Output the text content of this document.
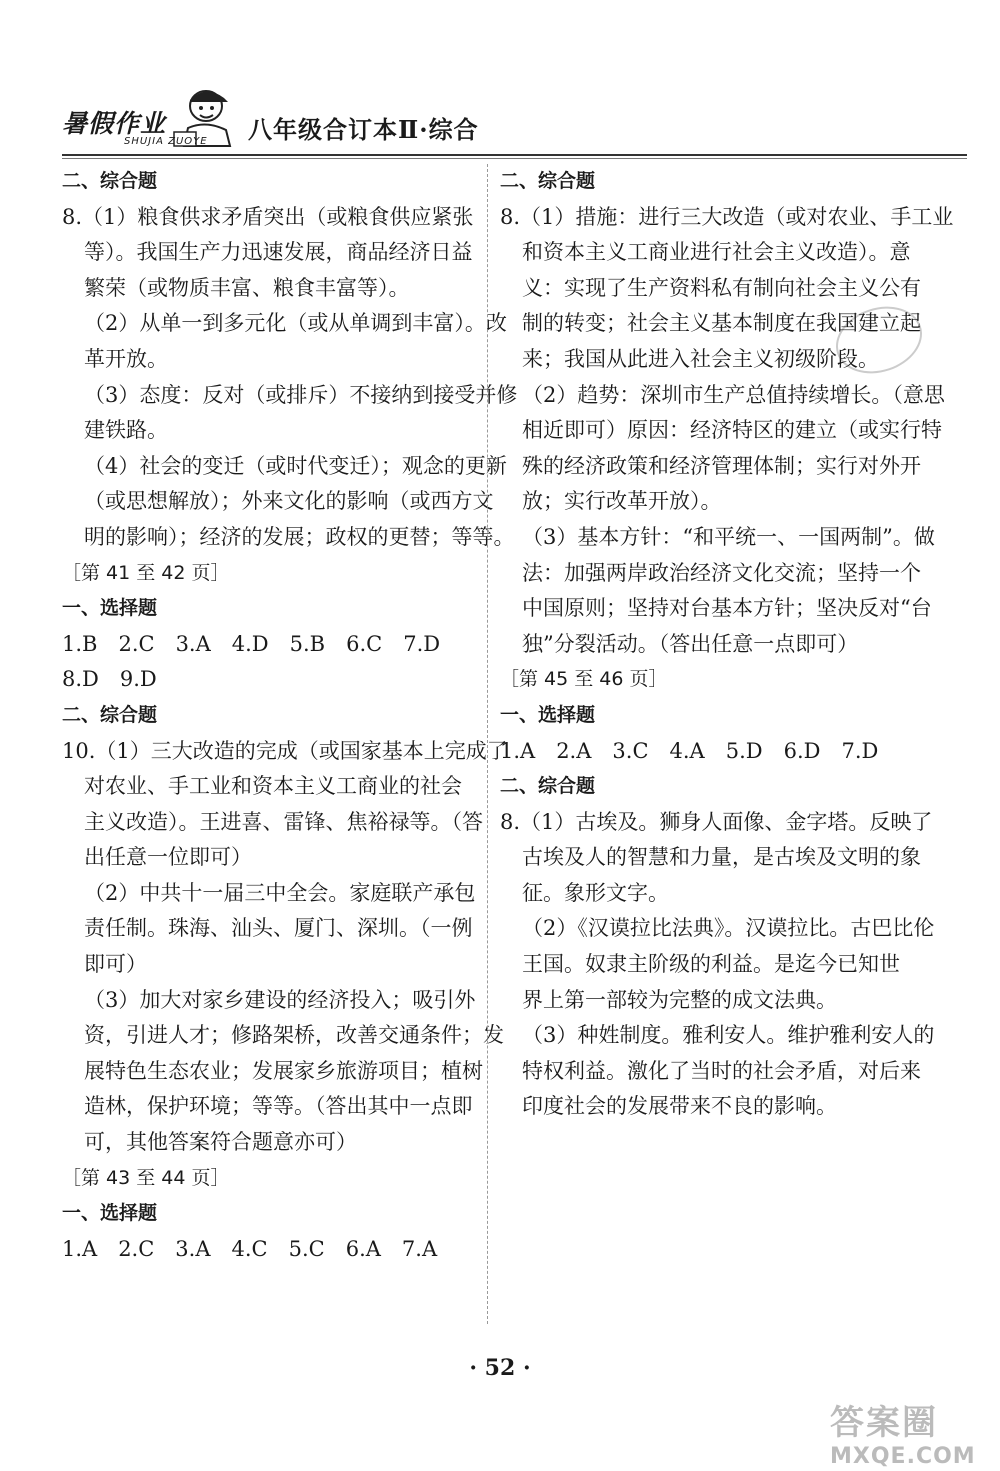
暑假作业
SHUJIA ZUOYE 八年级合订本Ⅱ·综合
二、综合题
8.（1）粮食供求矛盾突出（或粮食供应紧张
等）。我国生产力迅速发展，商品经济日益
繁荣（或物质丰富、粮食丰富等）。
（2）从单一到多元化（或从单调到丰富）。改
革开放。
（3）态度：反对（或排斥）不接纳到接受并修
建铁路。
（4）社会的变迁（或时代变迁）；观念的更新
（或思想解放）；外来文化的影响（或西方文
明的影响）；经济的发展；政权的更替；等等。
［第 41 至 42 页］
一、选择题
1.B　2.C　3.A　4.D　5.B　6.C　7.D
8.D　9.D
二、综合题
10.（1）三大改造的完成（或国家基本上完成了
对农业、手工业和资本主义工商业的社会
主义改造）。王进喜、雷锋、焦裕禄等。（答
出任意一位即可）
（2）中共十一届三中全会。家庭联产承包
责任制。珠海、汕头、厦门、深圳。（一例
即可）
（3）加大对家乡建设的经济投入；吸引外
资，引进人才；修路架桥，改善交通条件；发
展特色生态农业；发展家乡旅游项目；植树
造林，保护环境；等等。（答出其中一点即
可，其他答案符合题意亦可）
［第 43 至 44 页］
一、选择题
1.A　2.C　3.A　4.C　5.C　6.A　7.A
二、综合题
8.（1）措施：进行三大改造（或对农业、手工业
和资本主义工商业进行社会主义改造）。意
义：实现了生产资料私有制向社会主义公有
制的转变；社会主义基本制度在我国建立起
来；我国从此进入社会主义初级阶段。
（2）趋势：深圳市生产总值持续增长。（意思
相近即可）原因：经济特区的建立（或实行特
殊的经济政策和经济管理体制；实行对外开
放；实行改革开放）。
（3）基本方针：“和平统一、一国两制”。做
法：加强两岸政治经济文化交流；坚持一个
中国原则；坚持对台基本方针；坚决反对“台
独”分裂活动。（答出任意一点即可）
［第 45 至 46 页］
一、选择题
1.A　2.A　3.C　4.A　5.D　6.D　7.D
二、综合题
8.（1）古埃及。狮身人面像、金字塔。反映了
古埃及人的智慧和力量，是古埃及文明的象
征。象形文字。
（2）《汉谟拉比法典》。汉谟拉比。古巴比伦
王国。奴隶主阶级的利益。是迄今已知世
界上第一部较为完整的成文法典。
（3）种姓制度。雅利安人。维护雅利安人的
特权利益。激化了当时的社会矛盾，对后来
印度社会的发展带来不良的影响。
· 52 ·
答案圈
MXQE.COM
